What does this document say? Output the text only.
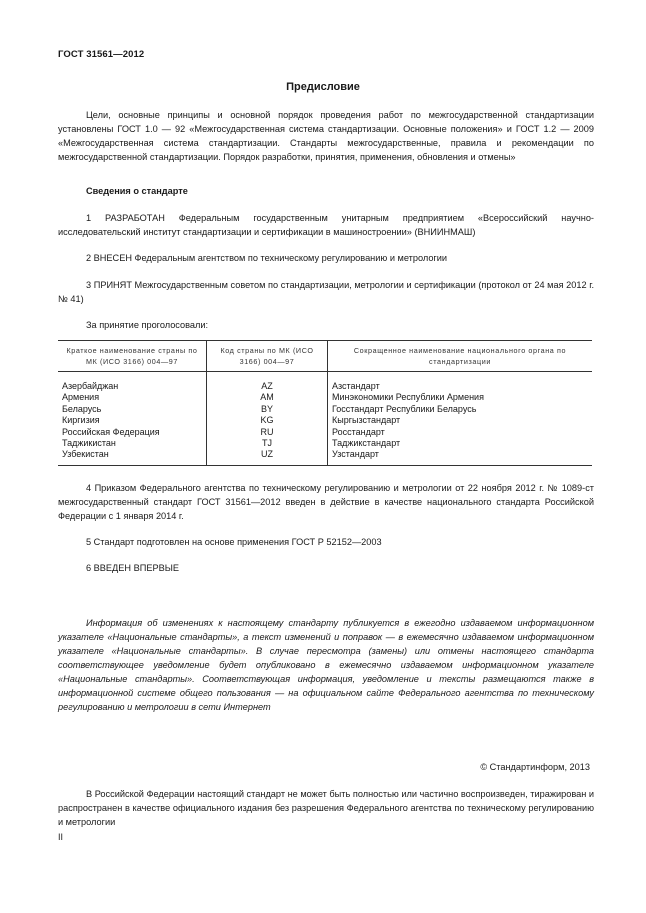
ГОСТ 31561—2012
Предисловие
Цели, основные принципы и основной порядок проведения работ по межгосударственной стандартизации установлены ГОСТ 1.0 — 92 «Межгосударственная система стандартизации. Основные положения» и ГОСТ 1.2 — 2009 «Межгосударственная система стандартизации. Стандарты межгосударственные, правила и рекомендации по межгосударственной стандартизации. Порядок разработки, принятия, применения, обновления и отмены»
Сведения о стандарте
1 РАЗРАБОТАН Федеральным государственным унитарным предприятием «Всероссийский научно-исследовательский институт стандартизации и сертификации в машиностроении» (ВНИИНМАШ)
2 ВНЕСЕН Федеральным агентством по техническому регулированию и метрологии
3 ПРИНЯТ Межгосударственным советом по стандартизации, метрологии и сертификации (протокол от 24 мая 2012 г. № 41)
За принятие проголосовали:
Краткое наименование страны по МК (ИСО 3166) 004—97	Код страны по МК (ИСО 3166) 004—97	Сокращенное наименование национального органа по стандартизации
Азербайджан	AZ	Азстандарт
Армения	AM	Минэкономики Республики Армения
Беларусь	BY	Госстандарт Республики Беларусь
Киргизия	KG	Кыргызстандарт
Российская Федерация	RU	Росстандарт
Таджикистан	TJ	Таджикстандарт
Узбекистан	UZ	Узстандарт
4 Приказом Федерального агентства по техническому регулированию и метрологии от 22 ноября 2012 г. № 1089-ст межгосударственный стандарт ГОСТ 31561—2012 введен в действие в качестве национального стандарта Российской Федерации с 1 января 2014 г.
5 Стандарт подготовлен на основе применения ГОСТ Р 52152—2003
6 ВВЕДЕН ВПЕРВЫЕ
Информация об изменениях к настоящему стандарту публикуется в ежегодно издаваемом информационном указателе «Национальные стандарты», а текст изменений и поправок — в ежемесячно издаваемом информационном указателе «Национальные стандарты». В случае пересмотра (замены) или отмены настоящего стандарта соответствующее уведомление будет опубликовано в ежемесячно издаваемом информационном указателе «Национальные стандарты». Соответствующая информация, уведомление и тексты размещаются также в информационной системе общего пользования — на официальном сайте Федерального агентства по техническому регулированию и метрологии в сети Интернет
© Стандартинформ, 2013
В Российской Федерации настоящий стандарт не может быть полностью или частично воспроизведен, тиражирован и распространен в качестве официального издания без разрешения Федерального агентства по техническому регулированию и метрологии
II
